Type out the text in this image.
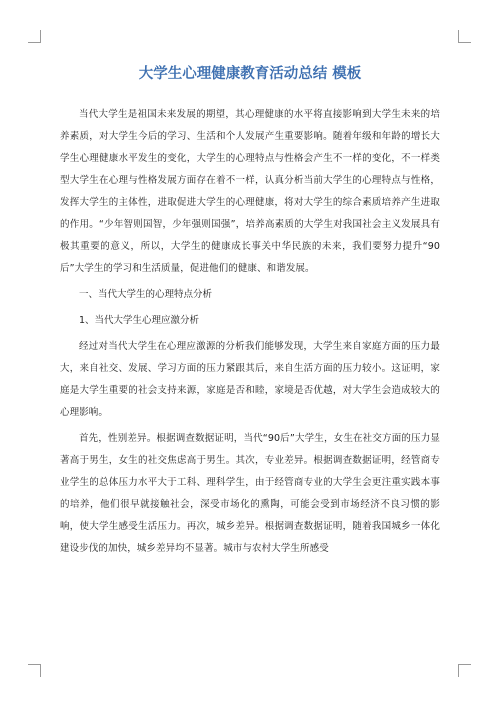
大学生心理健康教育活动总结 模板

当代大学生是祖国未来发展的期望，其心理健康的水平将直接影响到大学生未来的培养素质，对大学生今后的学习、生活和个人发展产生重要影响。随着年级和年龄的增长大学生心理健康水平发生的变化，大学生的心理特点与性格会产生不一样的变化，不一样类型大学生在心理与性格发展方面存在着不一样，认真分析当前大学生的心理特点与性格，发挥大学生的主体性，进取促进大学生的心理健康，将对大学生的综合素质培养产生进取的作用。“少年智则国智，少年强则国强”，培养高素质的大学生对我国社会主义发展具有极其重要的意义，所以，大学生的健康成长事关中华民族的未来，我们要努力提升“90后”大学生的学习和生活质量，促进他们的健康、和谐发展。

一、当代大学生的心理特点分析

1、当代大学生心理应激分析

经过对当代大学生在心理应激源的分析我们能够发现，大学生来自家庭方面的压力最大，来自社交、发展、学习方面的压力紧跟其后，来自生活方面的压力较小。这证明，家庭是大学生重要的社会支持来源，家庭是否和睦，家境是否优越，对大学生会造成较大的心理影响。

首先，性别差异。根据调查数据证明，当代“90后”大学生，女生在社交方面的压力显著高于男生，女生的社交焦虑高于男生。其次，专业差异。根据调查数据证明，经管商专业学生的总体压力水平大于工科、理科学生，由于经管商专业的大学生会更注重实践本事的培养，他们很早就接触社会，深受市场化的熏陶，可能会受到市场经济不良习惯的影响，使大学生感受生活压力。再次，城乡差异。根据调查数据证明，随着我国城乡一体化建设步伐的加快，城乡差异均不显著。城市与农村大学生所感受
